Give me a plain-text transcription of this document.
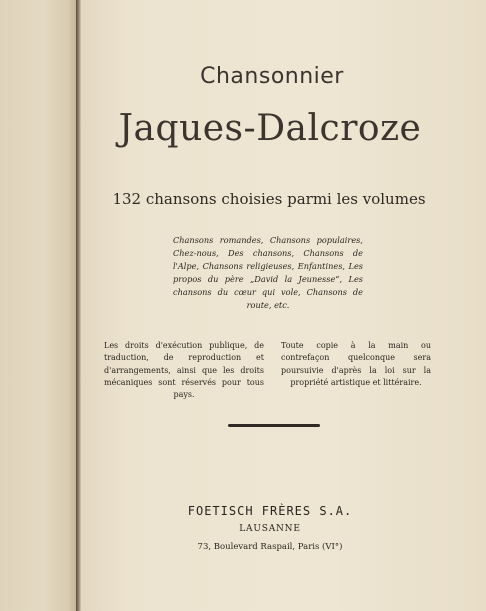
Chansonnier
Jaques-Dalcroze
132 chansons choisies parmi les volumes
Chansons romandes, Chansons populaires, Chez-nous, Des chansons, Chansons de l'Alpe, Chansons religieuses, Enfantines, Les propos du père „David la Jeunesse“, Les chansons du cœur qui vole, Chansons de route, etc.
Les droits d'exécution publique, de traduction, de reproduction et d'arrangements, ainsi que les droits mécaniques sont réservés pour tous pays.
Toute copie à la main ou contrefaçon quelconque sera poursuivie d'après la loi sur la propriété artistique et littéraire.
FOETISCH FRÈRES S.A.
LAUSANNE
73, Boulevard Raspail, Paris (VI°)
